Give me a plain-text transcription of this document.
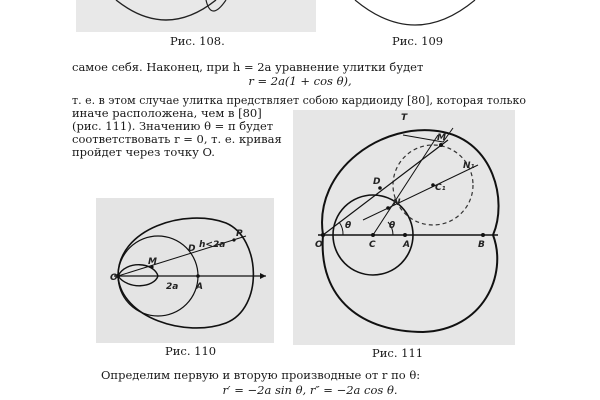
Рис. 108.	Рис. 109
самое себя. Наконец, при h = 2a уравнение улитки будет
r = 2a(1 + cos θ),
т. е. в этом случае улитка предствляет собою кардиоиду [80], которая только
иначе расположена, чем в [80]
(рис. 111). Значению θ = π будет
соответствовать r = 0, т. е. кривая
пройдет через точку O.
T
M
N₁
D
C₁
N
θ	θ
O	C	A	B
Рис. 111
O
M
2a A
D h<2a
P
Рис. 110
Определим первую и вторую производные от r по θ:
r′ = −2a sin θ, r″ = −2a cos θ.
